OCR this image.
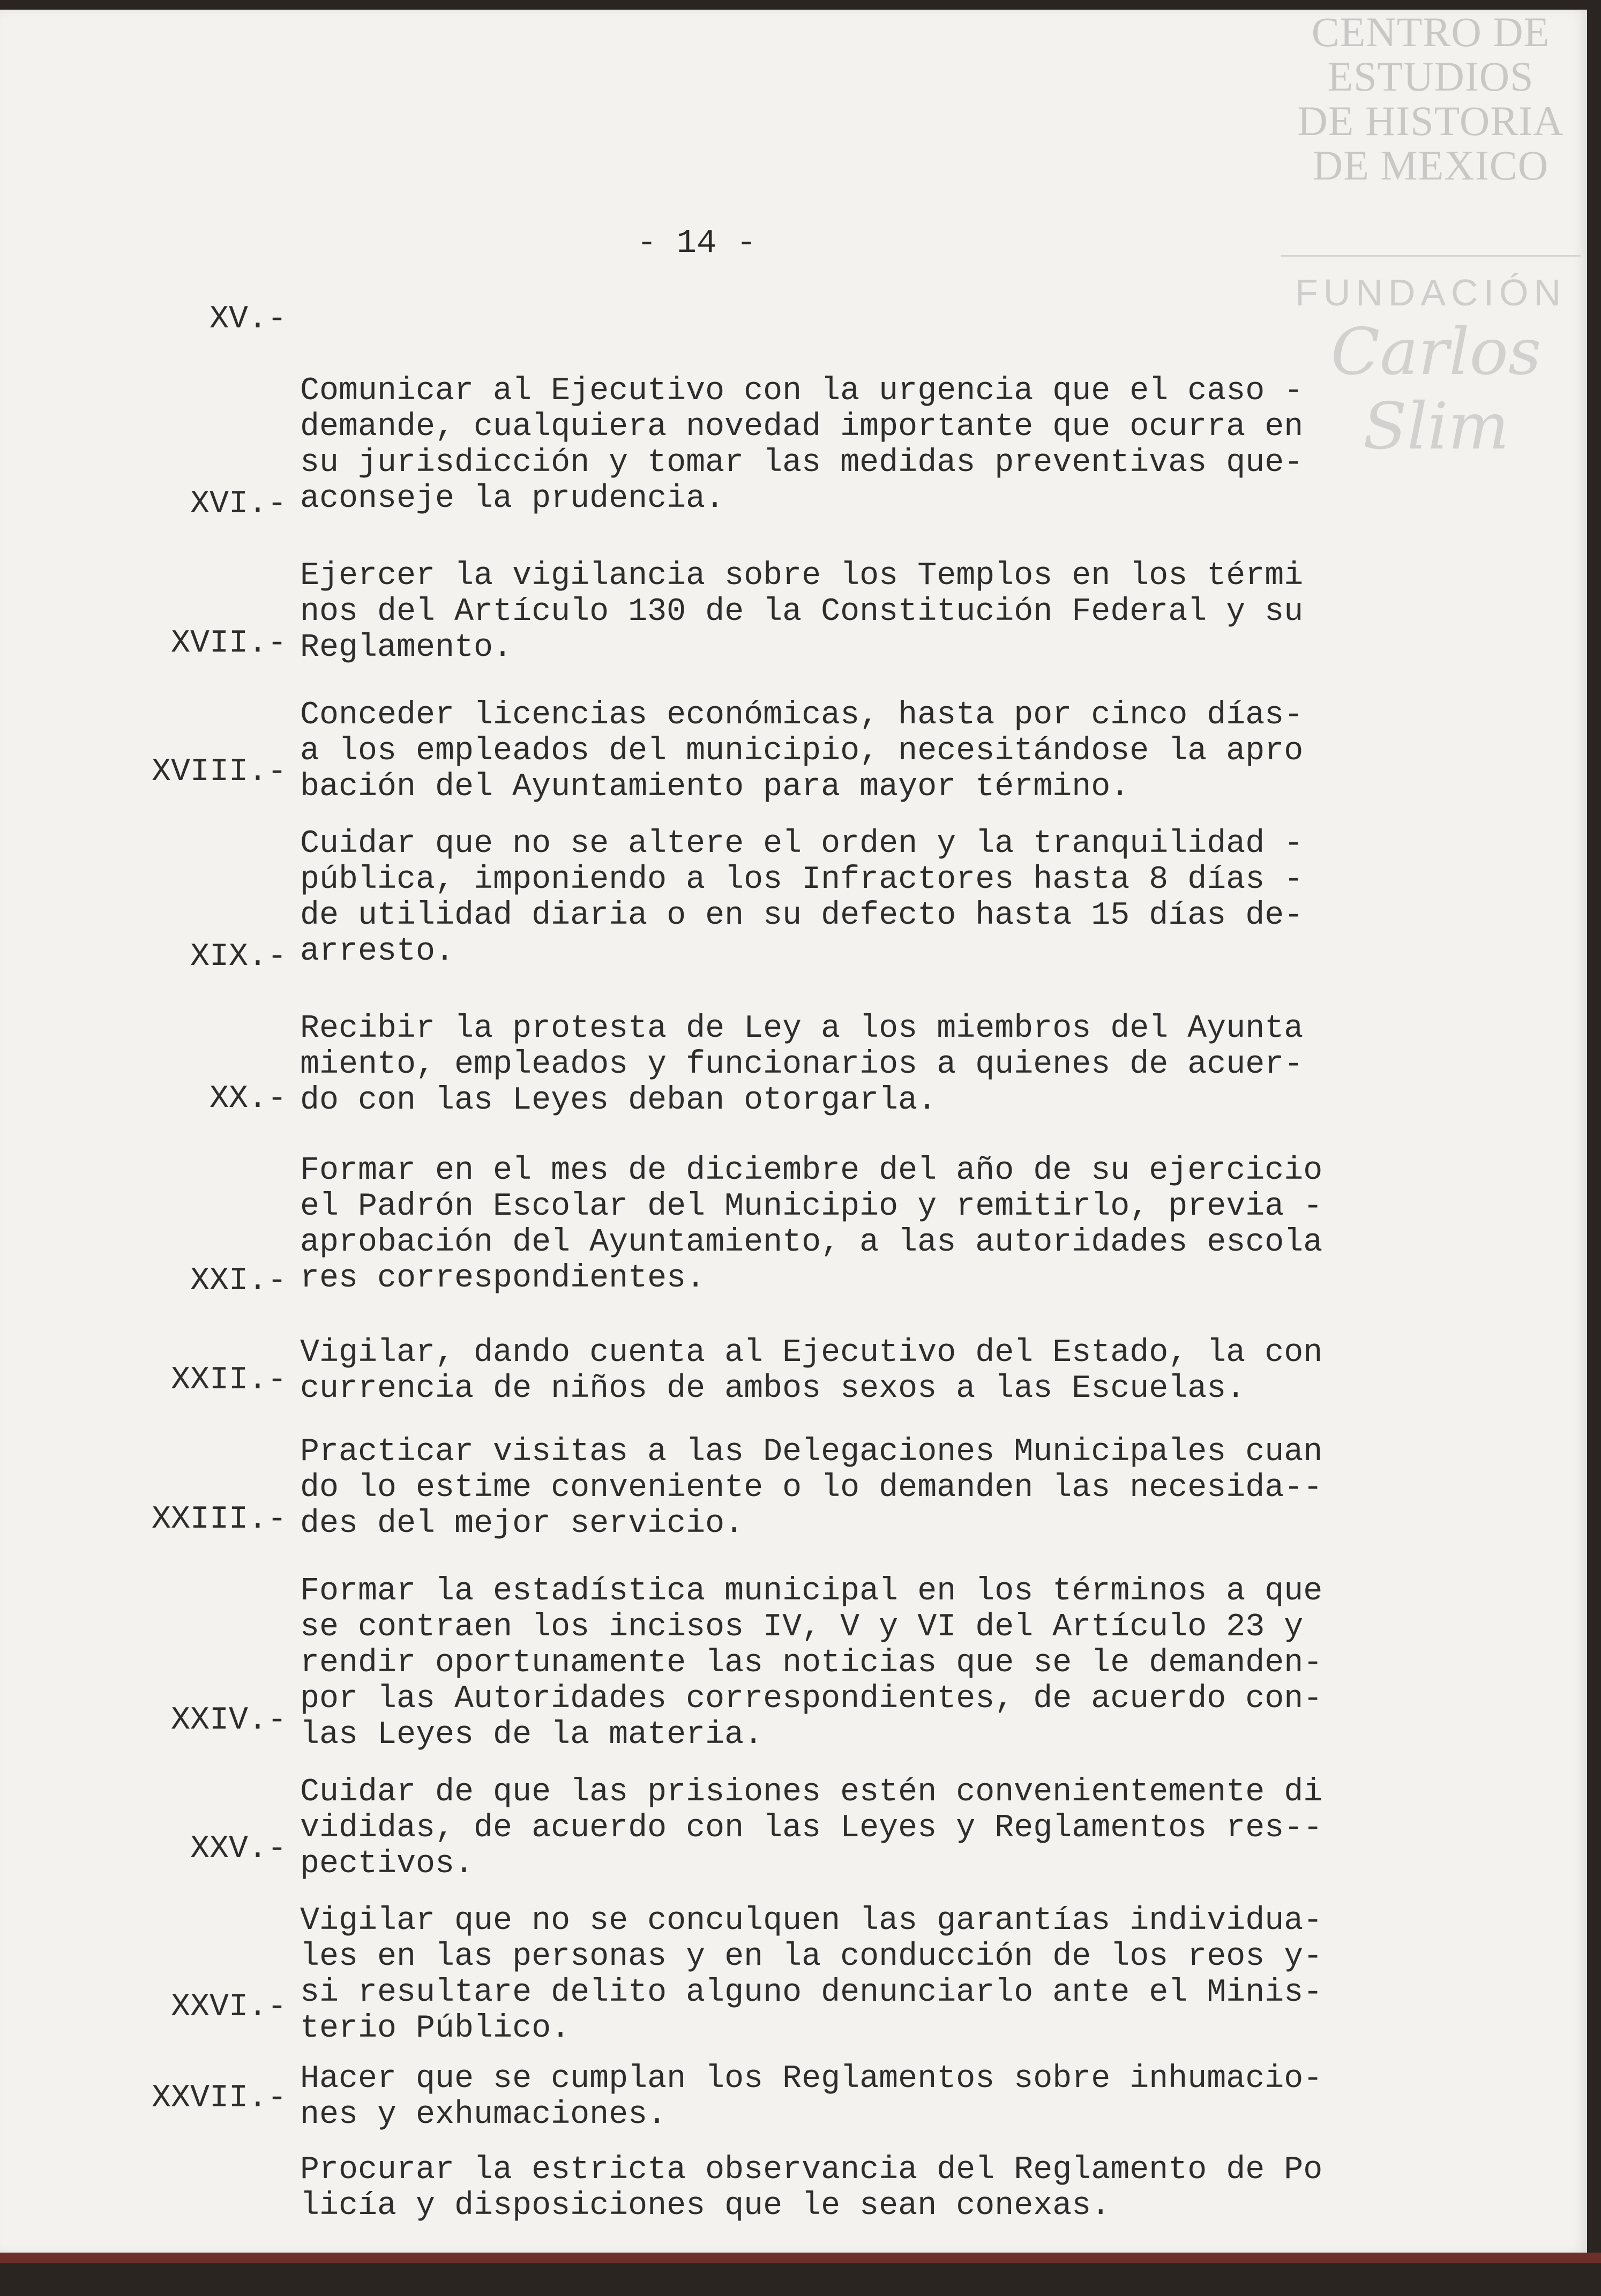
CENTRO DE
ESTUDIOS
DE HISTORIA
DE MEXICO
FUNDACIÓN
Carlos Slim
- 14 -
XV.-

Comunicar al Ejecutivo con la urgencia que el caso -
demande, cualquiera novedad importante que ocurra en
su jurisdicción y tomar las medidas preventivas que-
aconseje la prudencia.

XVI.-

Ejercer la vigilancia sobre los Templos en los térmi
nos del Artículo 130 de la Constitución Federal y su
Reglamento.

XVII.-

Conceder licencias económicas, hasta por cinco días-
a los empleados del municipio, necesitándose la apro
bación del Ayuntamiento para mayor término.

XVIII.-

Cuidar que no se altere el orden y la tranquilidad -
pública, imponiendo a los Infractores hasta 8 días -
de utilidad diaria o en su defecto hasta 15 días de-
arresto.

XIX.-

Recibir la protesta de Ley a los miembros del Ayunta
miento, empleados y funcionarios a quienes de acuer-
do con las Leyes deban otorgarla.

XX.-

Formar en el mes de diciembre del año de su ejercicio
el Padrón Escolar del Municipio y remitirlo, previa -
aprobación del Ayuntamiento, a las autoridades escola
res correspondientes.

XXI.-

Vigilar, dando cuenta al Ejecutivo del Estado, la con
currencia de niños de ambos sexos a las Escuelas.

XXII.-

Practicar visitas a las Delegaciones Municipales cuan
do lo estime conveniente o lo demanden las necesida--
des del mejor servicio.

XXIII.-

Formar la estadística municipal en los términos a que
se contraen los incisos IV, V y VI del Artículo 23 y
rendir oportunamente las noticias que se le demanden-
por las Autoridades correspondientes, de acuerdo con-
las Leyes de la materia.

XXIV.-

Cuidar de que las prisiones estén convenientemente di
vididas, de acuerdo con las Leyes y Reglamentos res--
pectivos.

XXV.-

Vigilar que no se conculquen las garantías individua-
les en las personas y en la conducción de los reos y-
si resultare delito alguno denunciarlo ante el Minis-
terio Público.

XXVI.-

Hacer que se cumplan los Reglamentos sobre inhumacio-
nes y exhumaciones.

XXVII.-

Procurar la estricta observancia del Reglamento de Po
licía y disposiciones que le sean conexas.
